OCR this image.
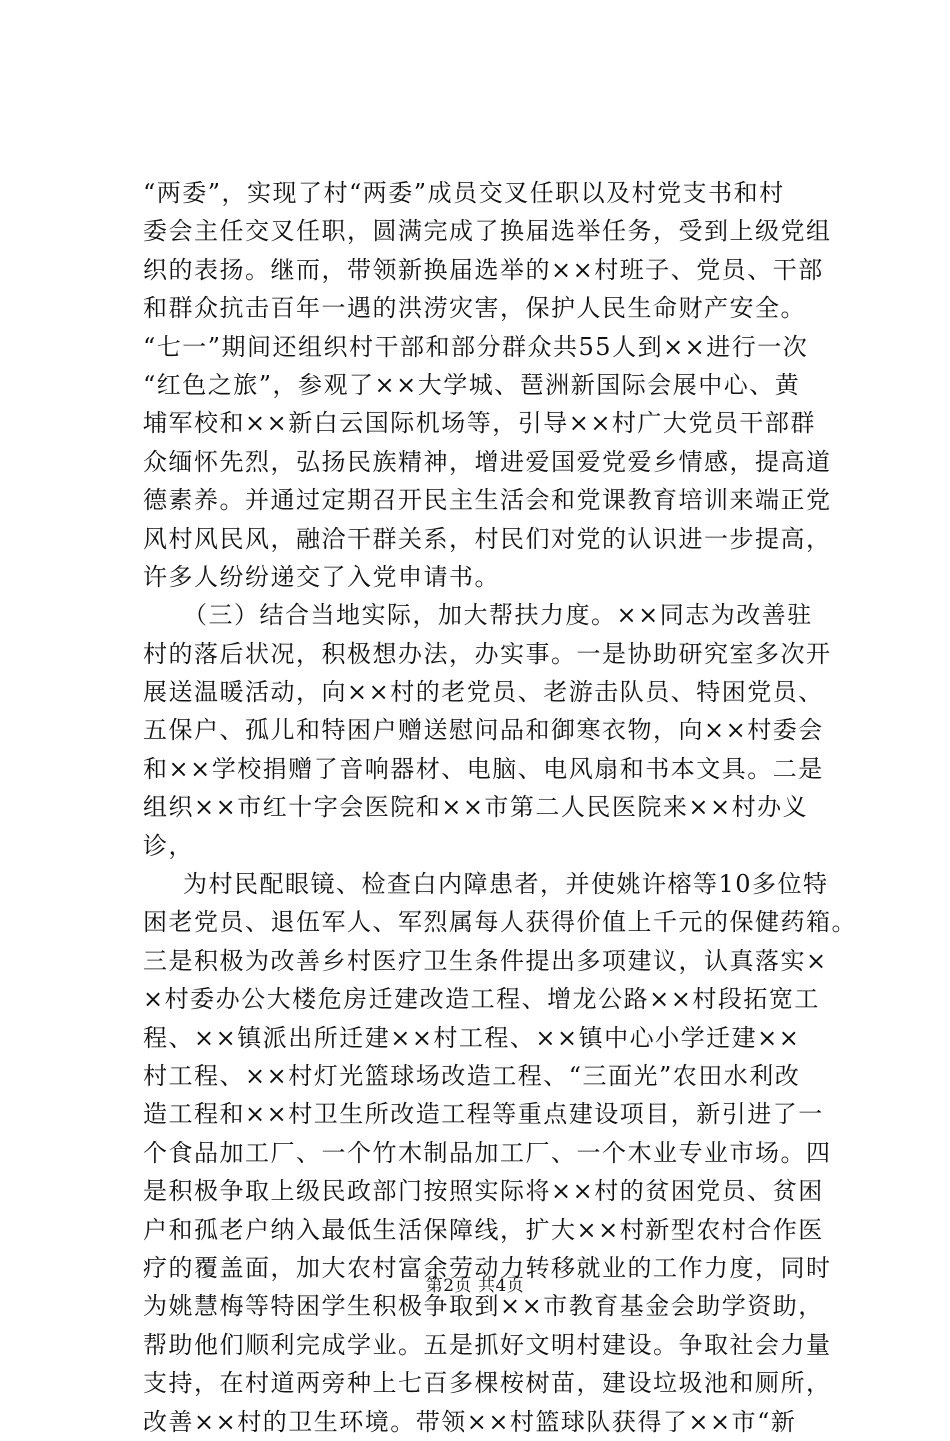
“两委”，实现了村“两委”成员交叉任职以及村党支书和村
委会主任交叉任职，圆满完成了换届选举任务，受到上级党组
织的表扬。继而，带领新换届选举的××村班子、党员、干部
和群众抗击百年一遇的洪涝灾害，保护人民生命财产安全。
“七一”期间还组织村干部和部分群众共55人到××进行一次
“红色之旅”，参观了××大学城、琶洲新国际会展中心、黄
埔军校和××新白云国际机场等，引导××村广大党员干部群
众缅怀先烈，弘扬民族精神，增进爱国爱党爱乡情感，提高道
德素养。并通过定期召开民主生活会和党课教育培训来端正党
风村风民风，融洽干群关系，村民们对党的认识进一步提高，
许多人纷纷递交了入党申请书。
（三）结合当地实际，加大帮扶力度。××同志为改善驻
村的落后状况，积极想办法，办实事。一是协助研究室多次开
展送温暖活动，向××村的老党员、老游击队员、特困党员、
五保户、孤儿和特困户赠送慰问品和御寒衣物，向××村委会
和××学校捐赠了音响器材、电脑、电风扇和书本文具。二是
组织××市红十字会医院和××市第二人民医院来××村办义
诊，
为村民配眼镜、检查白内障患者，并使姚许榕等10多位特
困老党员、退伍军人、军烈属每人获得价值上千元的保健药箱。
三是积极为改善乡村医疗卫生条件提出多项建议，认真落实×
×村委办公大楼危房迁建改造工程、增龙公路××村段拓宽工
程、××镇派出所迁建××村工程、××镇中心小学迁建××
村工程、××村灯光篮球场改造工程、“三面光”农田水利改
造工程和××村卫生所改造工程等重点建设项目，新引进了一
个食品加工厂、一个竹木制品加工厂、一个木业专业市场。四
是积极争取上级民政部门按照实际将××村的贫困党员、贫困
户和孤老户纳入最低生活保障线，扩大××村新型农村合作医
疗的覆盖面，加大农村富余劳动力转移就业的工作力度，同时
为姚慧梅等特困学生积极争取到××市教育基金会助学资助，
帮助他们顺利完成学业。五是抓好文明村建设。争取社会力量
支持，在村道两旁种上七百多棵桉树苗，建设垃圾池和厕所，
改善××村的卫生环境。带领××村篮球队获得了××市“新
第2页 共4页
